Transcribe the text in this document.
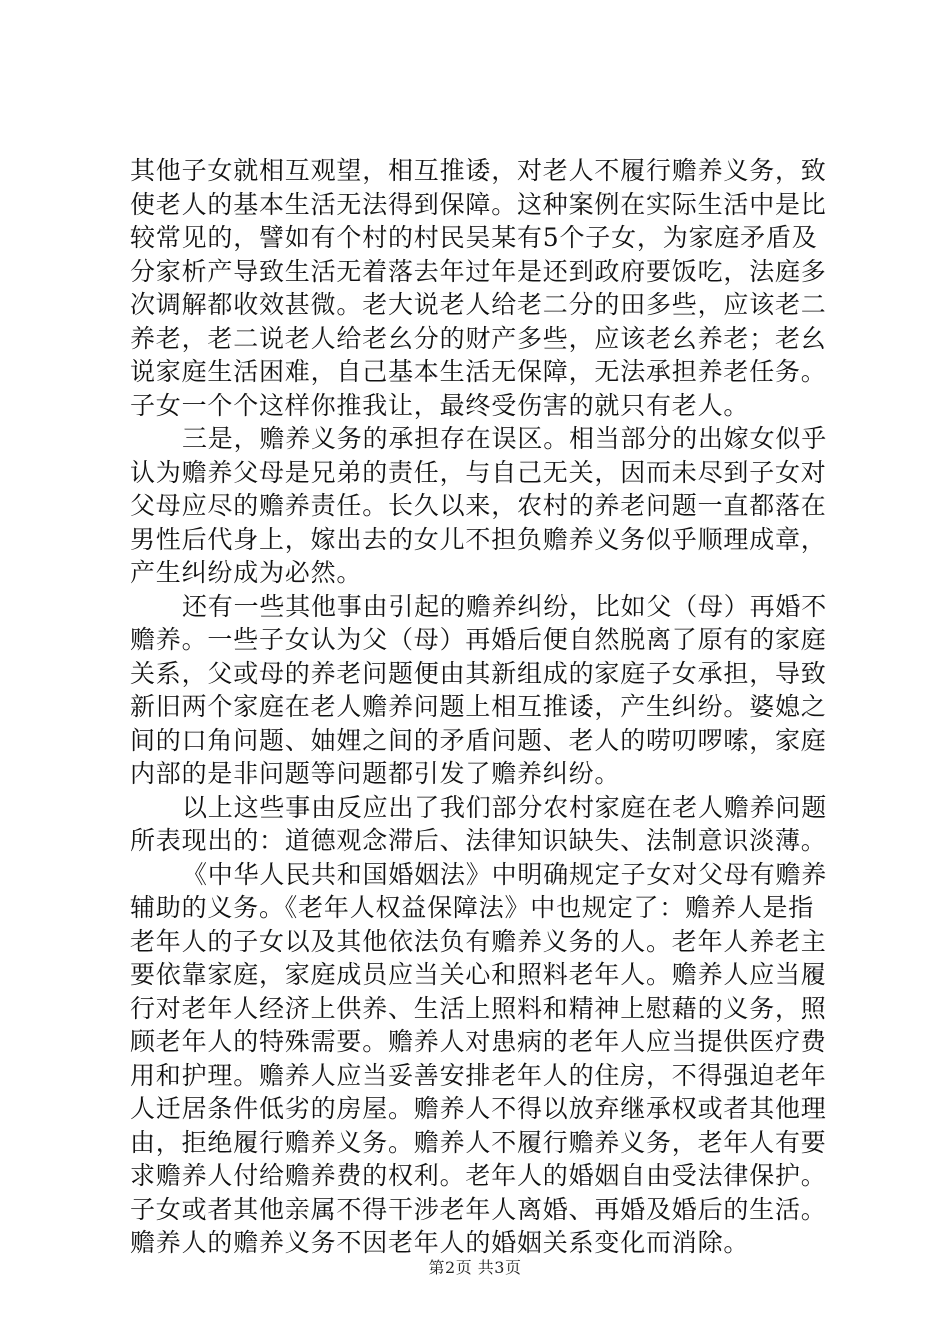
其他子女就相互观望，相互推诿，对老人不履行赡养义务，致
使老人的基本生活无法得到保障。这种案例在实际生活中是比
较常见的，譬如有个村的村民吴某有5个子女，为家庭矛盾及
分家析产导致生活无着落去年过年是还到政府要饭吃，法庭多
次调解都收效甚微。老大说老人给老二分的田多些，应该老二
养老，老二说老人给老幺分的财产多些，应该老幺养老；老幺
说家庭生活困难，自己基本生活无保障，无法承担养老任务。
子女一个个这样你推我让，最终受伤害的就只有老人。
三是，赡养义务的承担存在误区。相当部分的出嫁女似乎
认为赡养父母是兄弟的责任，与自己无关，因而未尽到子女对
父母应尽的赡养责任。长久以来，农村的养老问题一直都落在
男性后代身上，嫁出去的女儿不担负赡养义务似乎顺理成章，
产生纠纷成为必然。
还有一些其他事由引起的赡养纠纷，比如父（母）再婚不
赡养。一些子女认为父（母）再婚后便自然脱离了原有的家庭
关系，父或母的养老问题便由其新组成的家庭子女承担，导致
新旧两个家庭在老人赡养问题上相互推诿，产生纠纷。婆媳之
间的口角问题、妯娌之间的矛盾问题、老人的唠叨啰嗦，家庭
内部的是非问题等问题都引发了赡养纠纷。
以上这些事由反应出了我们部分农村家庭在老人赡养问题
所表现出的：道德观念滞后、法律知识缺失、法制意识淡薄。
《中华人民共和国婚姻法》中明确规定子女对父母有赡养
辅助的义务。《老年人权益保障法》中也规定了：赡养人是指
老年人的子女以及其他依法负有赡养义务的人。老年人养老主
要依靠家庭，家庭成员应当关心和照料老年人。赡养人应当履
行对老年人经济上供养、生活上照料和精神上慰藉的义务，照
顾老年人的特殊需要。赡养人对患病的老年人应当提供医疗费
用和护理。赡养人应当妥善安排老年人的住房，不得强迫老年
人迁居条件低劣的房屋。赡养人不得以放弃继承权或者其他理
由，拒绝履行赡养义务。赡养人不履行赡养义务，老年人有要
求赡养人付给赡养费的权利。老年人的婚姻自由受法律保护。
子女或者其他亲属不得干涉老年人离婚、再婚及婚后的生活。
赡养人的赡养义务不因老年人的婚姻关系变化而消除。
第2页 共3页
